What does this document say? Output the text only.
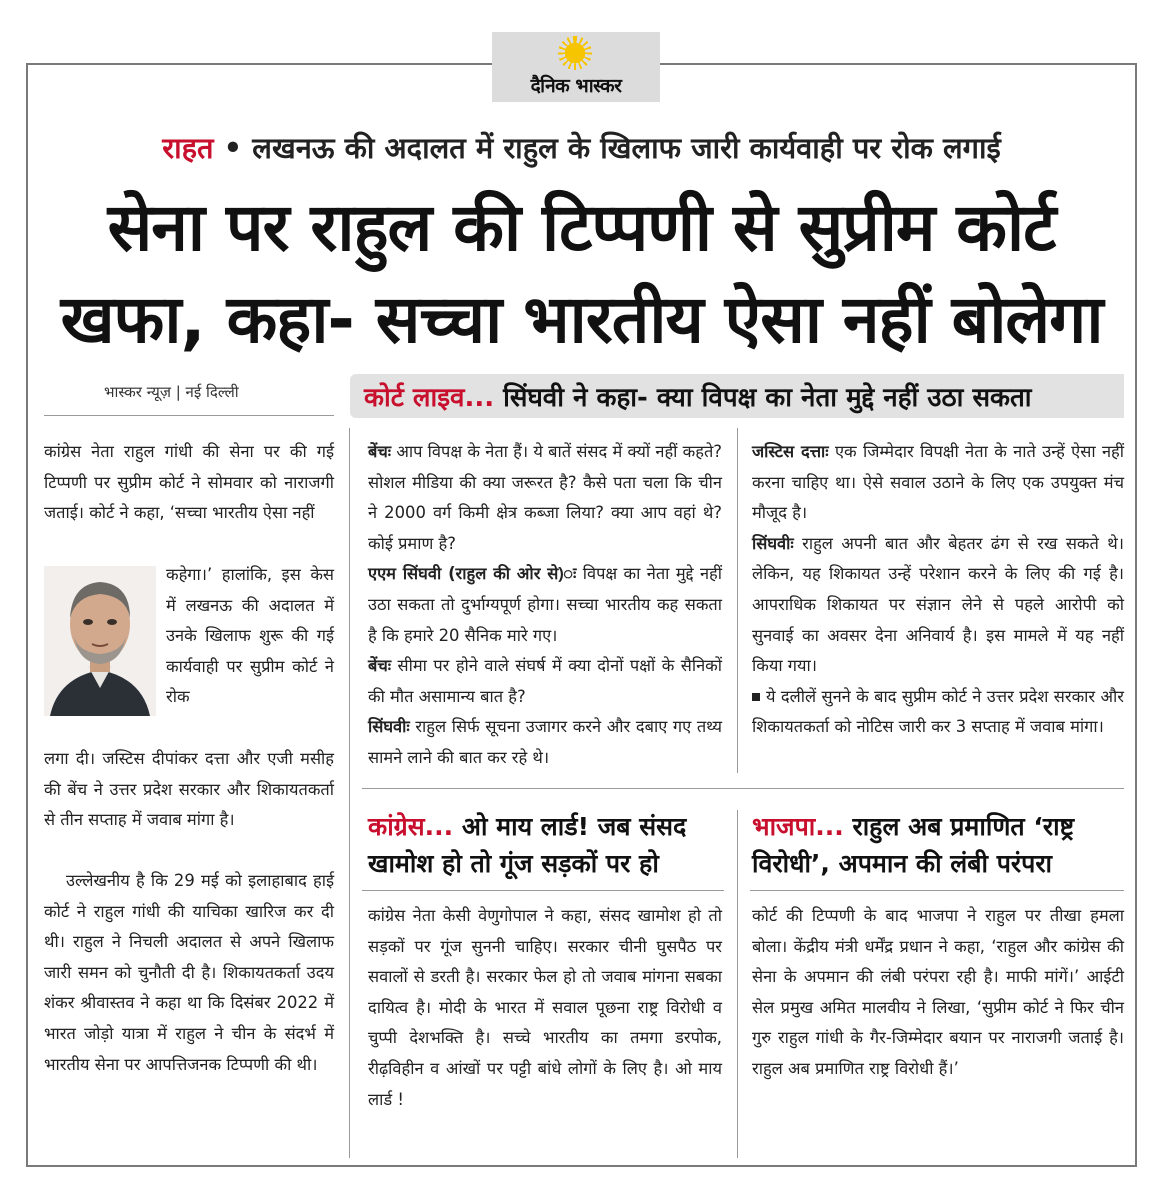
दैनिक भास्कर
राहत • लखनऊ की अदालत में राहुल के खिलाफ जारी कार्यवाही पर रोक लगाई
सेना पर राहुल की टिप्पणी से सुप्रीम कोर्ट
खफा, कहा- सच्चा भारतीय ऐसा नहीं बोलेगा
भास्कर न्यूज़ | नई दिल्ली	कोर्ट लाइव... सिंघवी ने कहा- क्या विपक्ष का नेता मुद्दे नहीं उठा सकता

कांग्रेस नेता राहुल गांधी की सेना पर की गई टिप्पणी पर सुप्रीम कोर्ट ने सोमवार को नाराजगी जताई। कोर्ट ने कहा, ‘सच्चा भारतीय ऐसा नहीं

कहेगा।’ हालांकि, इस केस में लखनऊ की अदालत में उनके खिलाफ शुरू की गई कार्यवाही पर सुप्रीम कोर्ट ने रोक

लगा दी। जस्टिस दीपांकर दत्ता और एजी मसीह की बेंच ने उत्तर प्रदेश सरकार और शिकायतकर्ता से तीन सप्ताह में जवाब मांगा है।

उल्लेखनीय है कि 29 मई को इलाहाबाद हाई कोर्ट ने राहुल गांधी की याचिका खारिज कर दी थी। राहुल ने निचली अदालत से अपने खिलाफ जारी समन को चुनौती दी है। शिकायतकर्ता उदय शंकर श्रीवास्तव ने कहा था कि दिसंबर 2022 में भारत जोड़ो यात्रा में राहुल ने चीन के संदर्भ में भारतीय सेना पर आपत्तिजनक टिप्पणी की थी।

बेंचः आप विपक्ष के नेता हैं। ये बातें संसद में क्यों नहीं कहते? सोशल मीडिया की क्या जरूरत है? कैसे पता चला कि चीन ने 2000 वर्ग किमी क्षेत्र कब्जा लिया? क्या आप वहां थे? कोई प्रमाण है?
एएम सिंघवी (राहुल की ओर से)ः विपक्ष का नेता मुद्दे नहीं उठा सकता तो दुर्भाग्यपूर्ण होगा। सच्चा भारतीय कह सकता है कि हमारे 20 सैनिक मारे गए।
बेंचः सीमा पर होने वाले संघर्ष में क्या दोनों पक्षों के सैनिकों की मौत असामान्य बात है?
सिंघवीः राहुल सिर्फ सूचना उजागर करने और दबाए गए तथ्य सामने लाने की बात कर रहे थे।

जस्टिस दत्ताः एक जिम्मेदार विपक्षी नेता के नाते उन्हें ऐसा नहीं करना चाहिए था। ऐसे सवाल उठाने के लिए एक उपयुक्त मंच मौजूद है।
सिंघवीः राहुल अपनी बात और बेहतर ढंग से रख सकते थे। लेकिन, यह शिकायत उन्हें परेशान करने के लिए की गई है। आपराधिक शिकायत पर संज्ञान लेने से पहले आरोपी को सुनवाई का अवसर देना अनिवार्य है। इस मामले में यह नहीं किया गया।
ये दलीलें सुनने के बाद सुप्रीम कोर्ट ने उत्तर प्रदेश सरकार और शिकायतकर्ता को नोटिस जारी कर 3 सप्ताह में जवाब मांगा।

कांग्रेस... ओ माय लार्ड! जब संसद
खामोश हो तो गूंज सड़कों पर हो

कांग्रेस नेता केसी वेणुगोपाल ने कहा, संसद खामोश हो तो सड़कों पर गूंज सुननी चाहिए। सरकार चीनी घुसपैठ पर सवालों से डरती है। सरकार फेल हो तो जवाब मांगना सबका दायित्व है। मोदी के भारत में सवाल पूछना राष्ट्र विरोधी व चुप्पी देशभक्ति है। सच्चे भारतीय का तमगा डरपोक, रीढ़विहीन व आंखों पर पट्टी बांधे लोगों के लिए है। ओ माय लार्ड !

भाजपा... राहुल अब प्रमाणित ‘राष्ट्र
विरोधी’, अपमान की लंबी परंपरा

कोर्ट की टिप्पणी के बाद भाजपा ने राहुल पर तीखा हमला बोला। केंद्रीय मंत्री धर्मेंद्र प्रधान ने कहा, ‘राहुल और कांग्रेस की सेना के अपमान की लंबी परंपरा रही है। माफी मांगें।’ आईटी सेल प्रमुख अमित मालवीय ने लिखा, ‘सुप्रीम कोर्ट ने फिर चीन गुरु राहुल गांधी के गैर-जिम्मेदार बयान पर नाराजगी जताई है। राहुल अब प्रमाणित राष्ट्र विरोधी हैं।’
